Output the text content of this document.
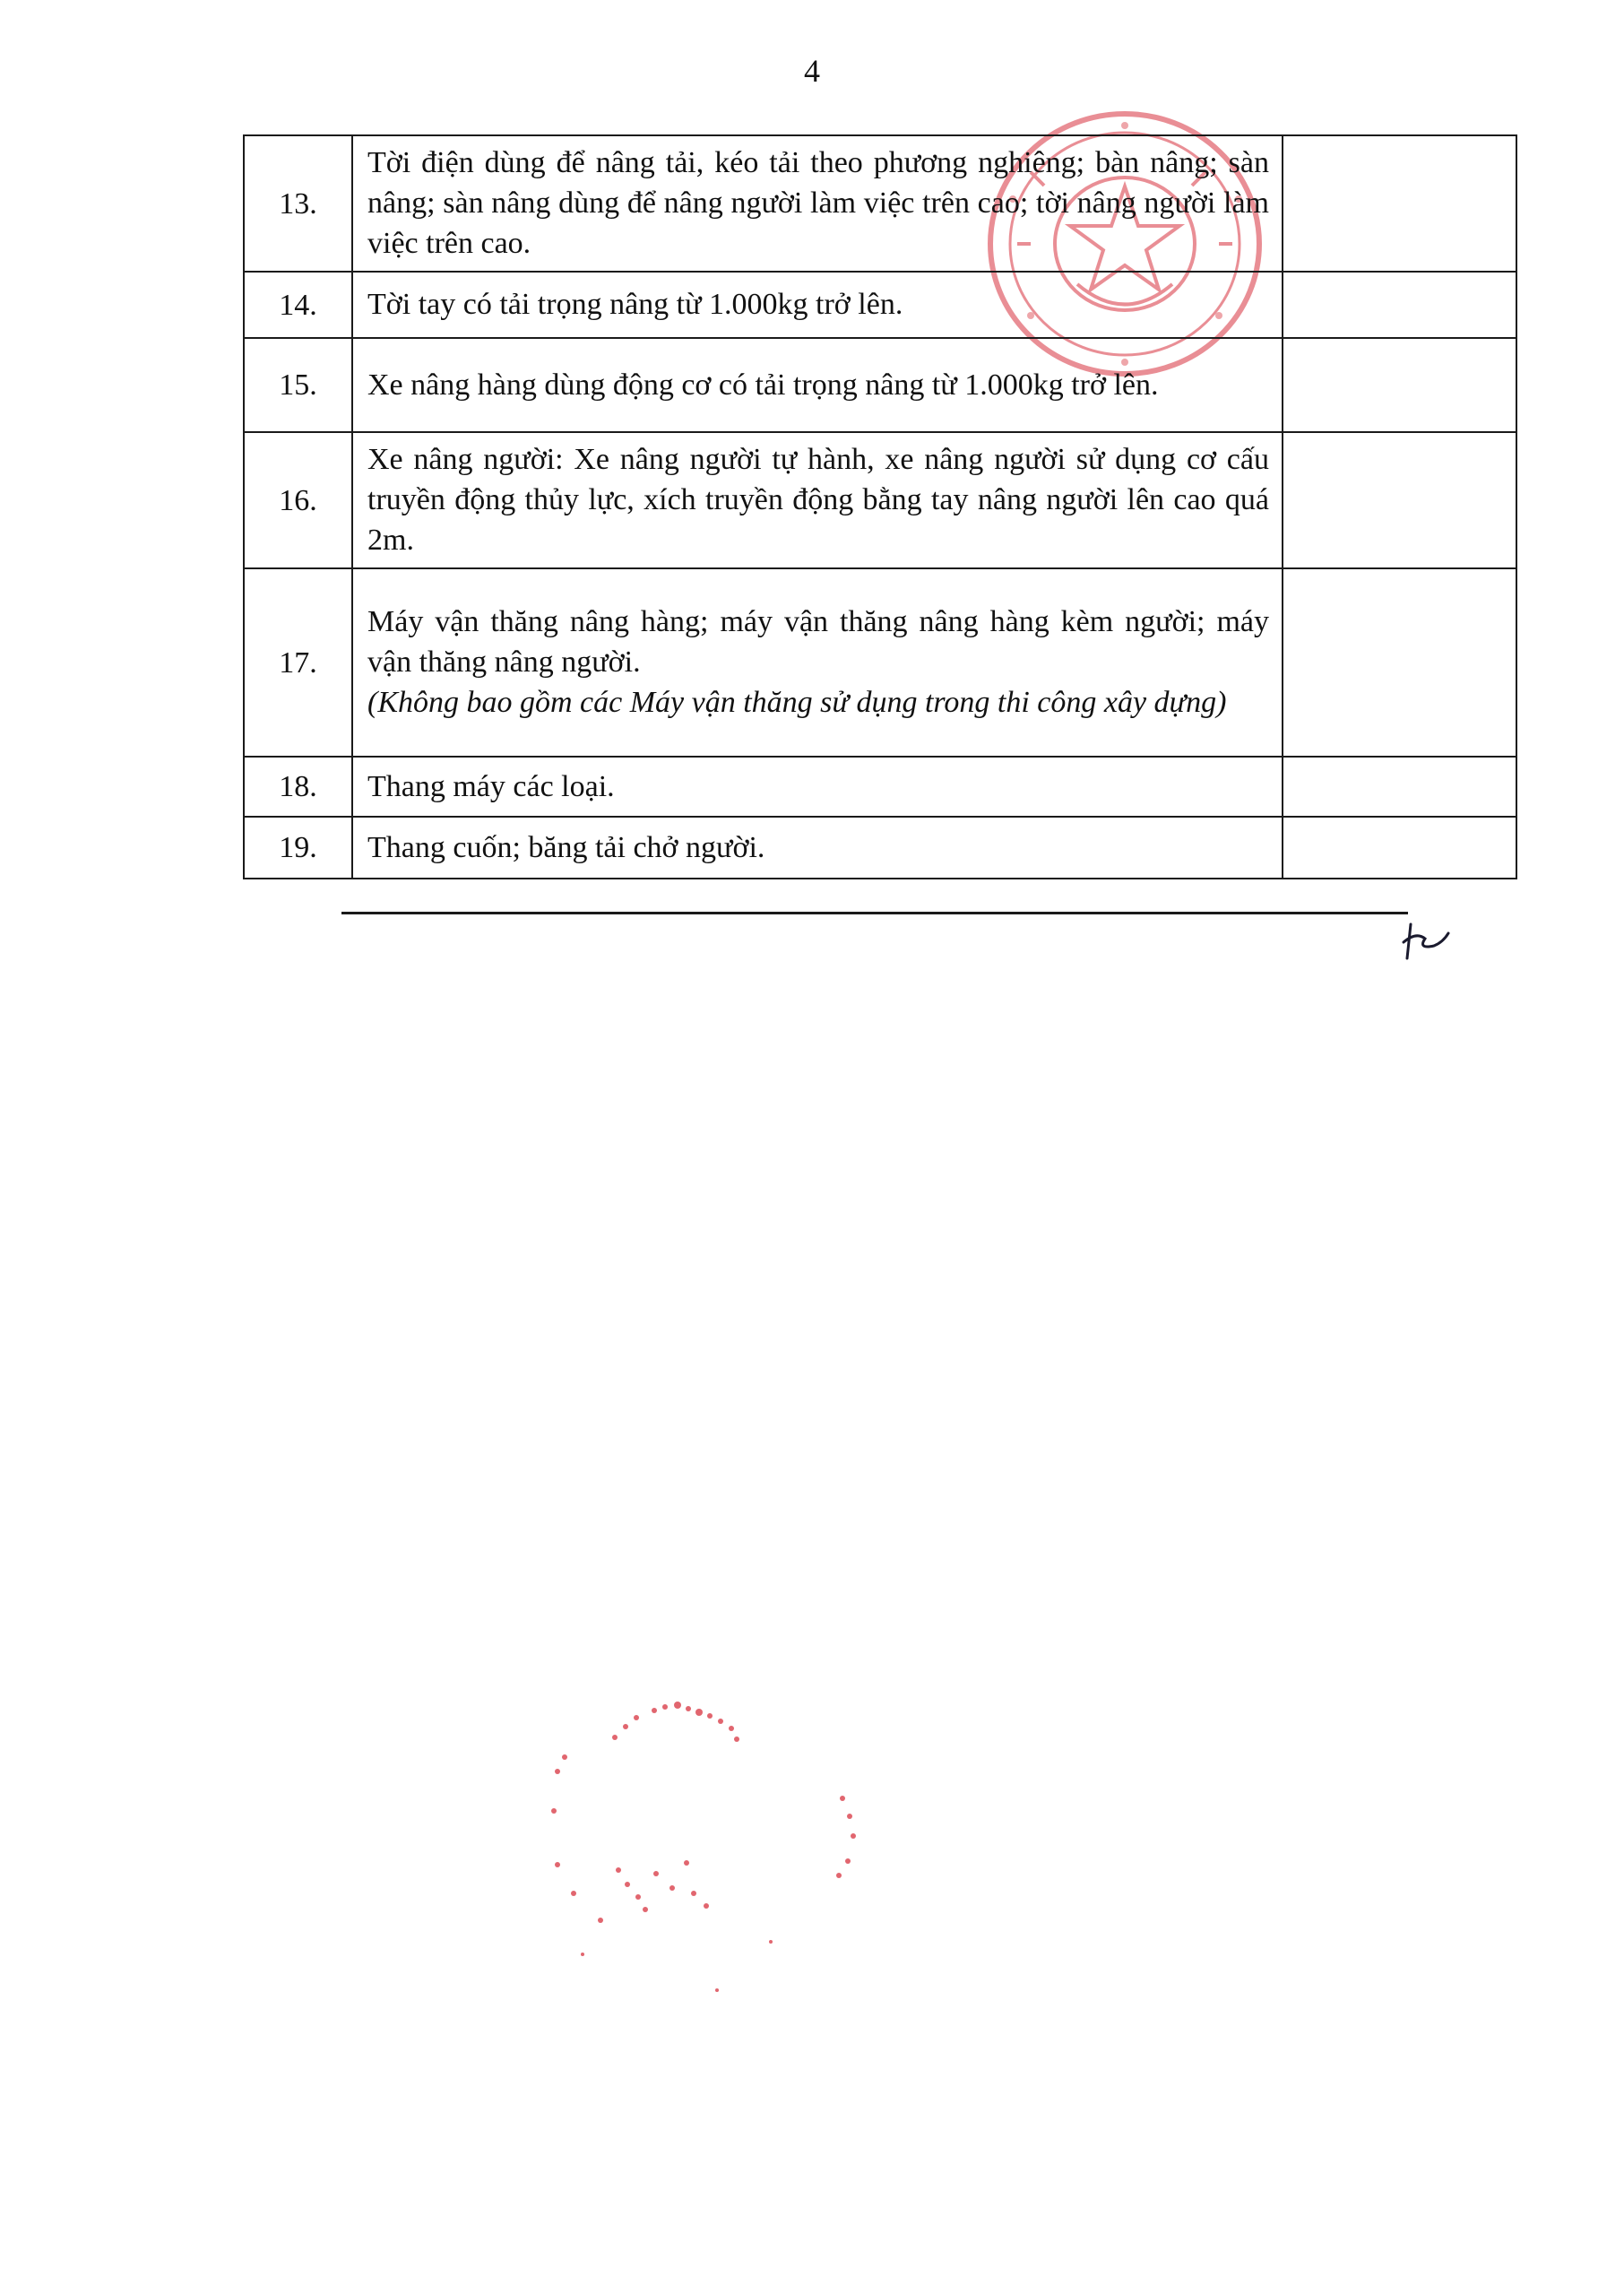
4
13.	Tời điện dùng để nâng tải, kéo tải theo phương nghiêng; bàn nâng; sàn nâng; sàn nâng dùng để nâng người làm việc trên cao; tời nâng người làm việc trên cao.	
14.	Tời tay có tải trọng nâng từ 1.000kg trở lên.	
15.	Xe nâng hàng dùng động cơ có tải trọng nâng từ 1.000kg trở lên.	
16.	Xe nâng người: Xe nâng người tự hành, xe nâng người sử dụng cơ cấu truyền động thủy lực, xích truyền động bằng tay nâng người lên cao quá 2m.	
17.	Máy vận thăng nâng hàng; máy vận thăng nâng hàng kèm người; máy vận thăng nâng người.
(Không bao gồm các Máy vận thăng sử dụng trong thi công xây dựng)	

18.	Thang máy các loại.	
19.	Thang cuốn; băng tải chở người.	
